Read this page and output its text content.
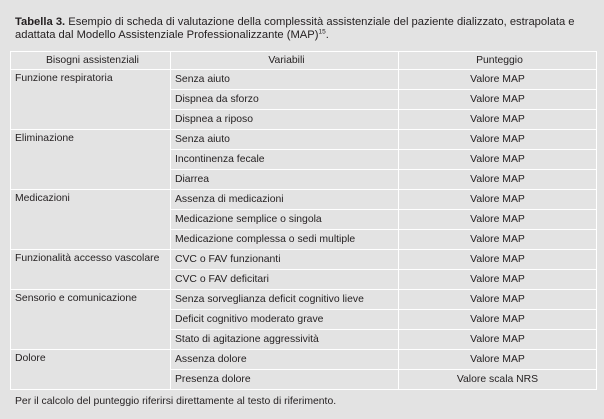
Tabella 3. Esempio di scheda di valutazione della complessità assistenziale del paziente dializzato, estrapolata e adattata dal Modello Assistenziale Professionalizzante (MAP)$^{15}$.
Bisogni assistenziali	Variabili	Punteggio
Funzione respiratoria	Senza aiuto	Valore MAP
	Dispnea da sforzo	Valore MAP
	Dispnea a riposo	Valore MAP
Eliminazione	Senza aiuto	Valore MAP
	Incontinenza fecale	Valore MAP
	Diarrea	Valore MAP
Medicazioni	Assenza di medicazioni	Valore MAP
	Medicazione semplice o singola	Valore MAP
	Medicazione complessa o sedi multiple	Valore MAP
Funzionalità accesso vascolare	CVC o FAV funzionanti	Valore MAP
	CVC o FAV deficitari	Valore MAP
Sensorio e comunicazione	Senza sorveglianza deficit cognitivo lieve	Valore MAP
	Deficit cognitivo moderato grave	Valore MAP
	Stato di agitazione aggressività	Valore MAP
Dolore	Assenza dolore	Valore MAP
	Presenza dolore	Valore scala NRS
Per il calcolo del punteggio riferirsi direttamente al testo di riferimento.
